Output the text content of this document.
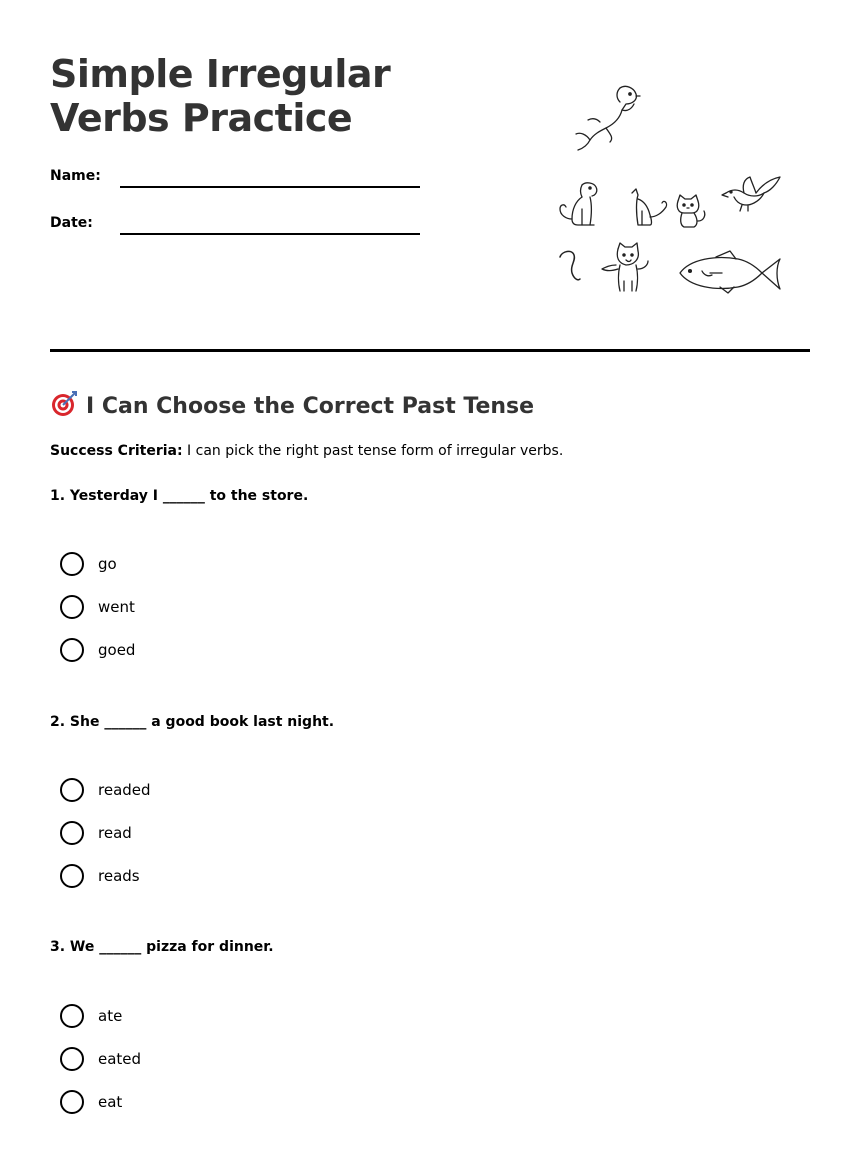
Simple Irregular Verbs Practice
Name:
Date:
I Can Choose the Correct Past Tense
Success Criteria: I can pick the right past tense form of irregular verbs.
1. Yesterday I ______ to the store.
go
went
goed
2. She ______ a good book last night.
readed
read
reads
3. We ______ pizza for dinner.
ate
eated
eat
